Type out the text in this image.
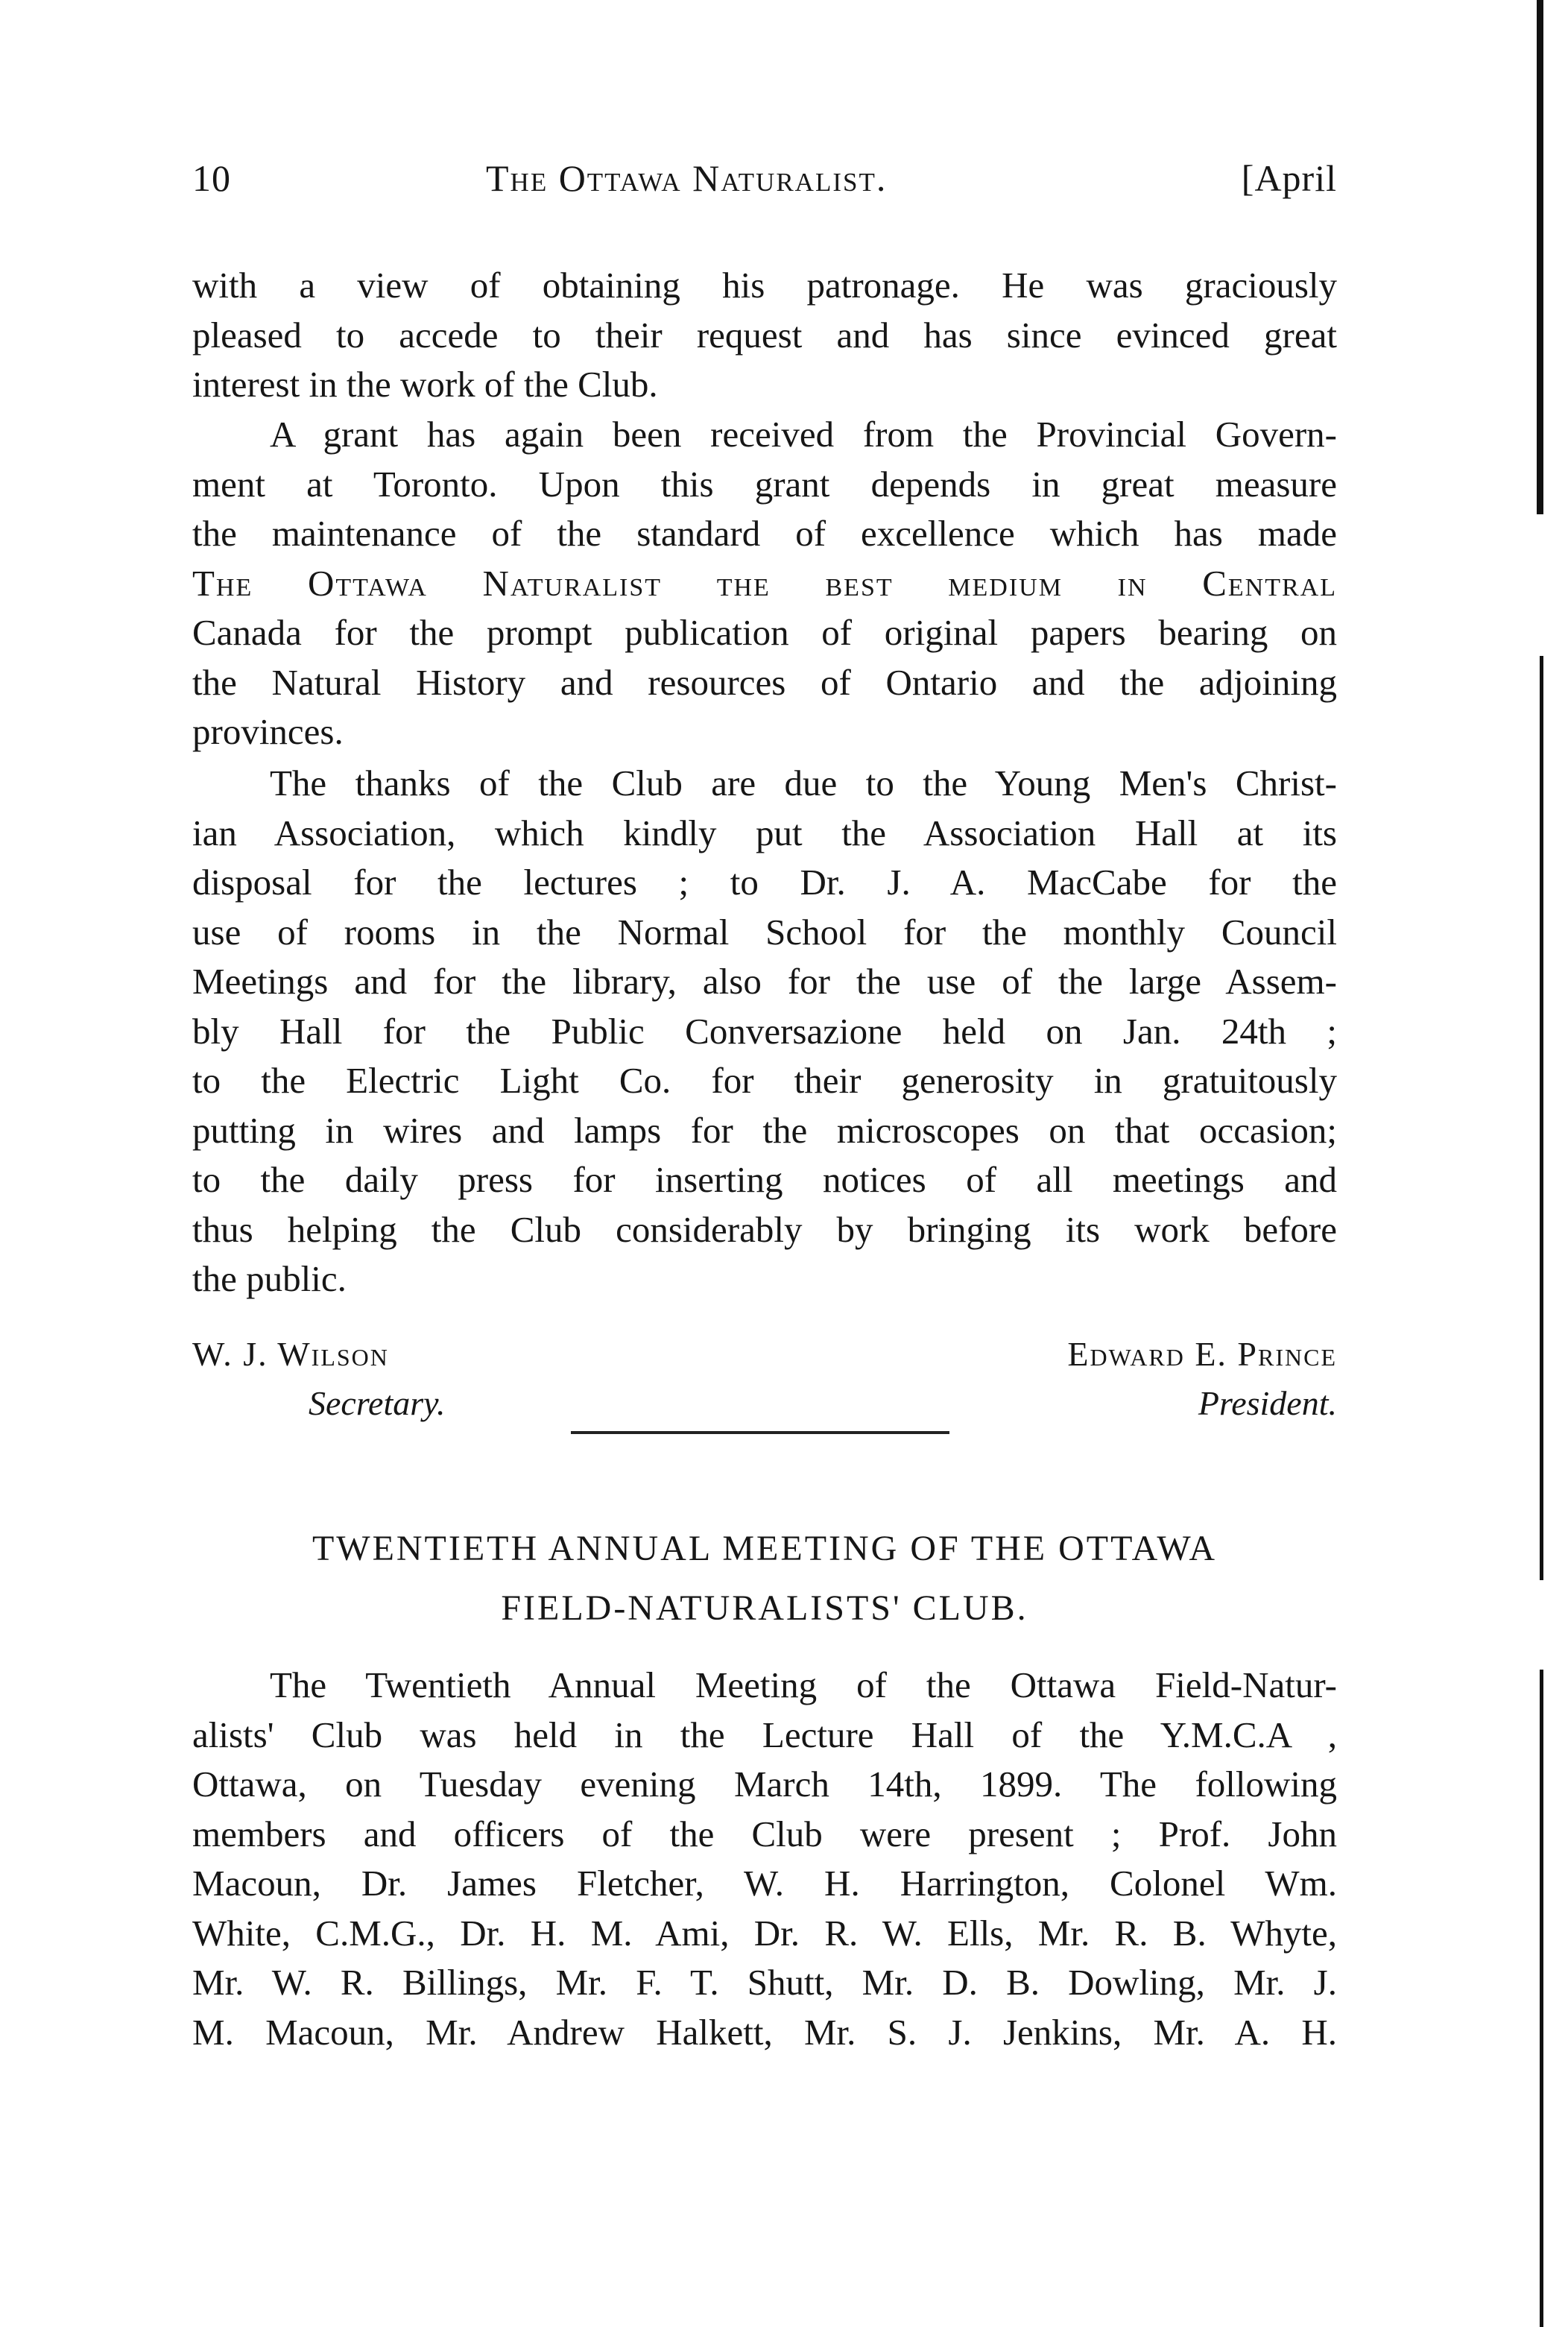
10	The Ottawa Naturalist.	[April
with a view of obtaining his patronage. He was graciously
pleased to accede to their request and has since evinced great
interest in the work of the Club.
A grant has again been received from the Provincial Govern-
ment at Toronto. Upon this grant depends in great measure
the maintenance of the standard of excellence which has made
The Ottawa Naturalist the best medium in Central
Canada for the prompt publication of original papers bearing on
the Natural History and resources of Ontario and the adjoining
provinces.
The thanks of the Club are due to the Young Men's Christ-
ian Association, which kindly put the Association Hall at its
disposal for the lectures ; to Dr. J. A. MacCabe for the
use of rooms in the Normal School for the monthly Council
Meetings and for the library, also for the use of the large Assem-
bly Hall for the Public Conversazione held on Jan. 24th ;
to the Electric Light Co. for their generosity in gratuitously
putting in wires and lamps for the microscopes on that occasion;
to the daily press for inserting notices of all meetings and
thus helping the Club considerably by bringing its work before
the public.
W. J. Wilson
Secretary.
Edward E. Prince
President.
TWENTIETH ANNUAL MEETING OF THE OTTAWA
FIELD-NATURALISTS' CLUB.
The Twentieth Annual Meeting of the Ottawa Field-Natur-
alists' Club was held in the Lecture Hall of the Y.M.C.A ,
Ottawa, on Tuesday evening March 14th, 1899. The following
members and officers of the Club were present ; Prof. John
Macoun, Dr. James Fletcher, W. H. Harrington, Colonel Wm.
White, C.M.G., Dr. H. M. Ami, Dr. R. W. Ells, Mr. R. B. Whyte,
Mr. W. R. Billings, Mr. F. T. Shutt, Mr. D. B. Dowling, Mr. J.
M. Macoun, Mr. Andrew Halkett, Mr. S. J. Jenkins, Mr. A. H.
